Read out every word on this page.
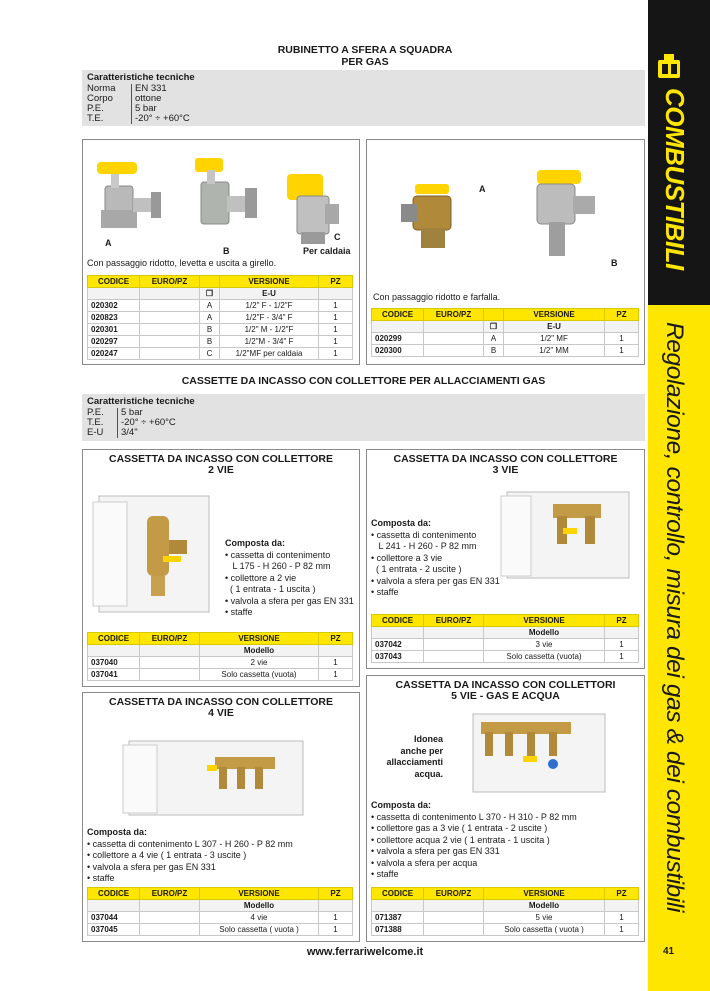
COMBUSTIBILI
Regolazione, controllo, misura dei gas & dei combustibili
41
RUBINETTO A SFERA A SQUADRA
PER GAS
Caratteristiche tecniche
Norma	EN 331
Corpo	ottone
P.E.	5 bar
T.E.	-20° ÷ +60°C
A
B
C
Per caldaia
Con passaggio ridotto, levetta e uscita a girello.
CODICE	EURO/PZ		VERSIONE	PZ
		❐	E-U	
020302		A	1/2" F - 1/2"F	1
020823		A	1/2"F - 3/4" F	1
020301		B	1/2" M - 1/2"F	1
020297		B	1/2"M - 3/4" F	1
020247		C	1/2"MF per caldaia	1
A
B
Con passaggio ridotto e farfalla.
CODICE	EURO/PZ		VERSIONE	PZ
		❐	E-U	
020299		A	1/2" MF	1
020300		B	1/2" MM	1
CASSETTE DA INCASSO CON COLLETTORE PER ALLACCIAMENTI GAS
Caratteristiche tecniche
P.E.	5 bar
T.E.	-20° ÷ +60°C
E-U	3/4"
CASSETTA DA INCASSO CON COLLETTORE
2 VIE
Composta da:
• cassetta di contenimento
L 175 - H 260 - P 82 mm
• collettore a 2 vie
( 1 entrata - 1 uscita )
• valvola a sfera per gas EN 331
• staffe
CODICE	EURO/PZ	VERSIONE	PZ
		Modello	
037040		2 vie	1
037041		Solo cassetta (vuota)	1
CASSETTA DA INCASSO CON COLLETTORE
3 VIE
Composta da:
• cassetta di contenimento
L 241 - H 260 - P 82 mm
• collettore a 3 vie
( 1 entrata - 2 uscite )
• valvola a sfera per gas EN 331
• staffe
CODICE	EURO/PZ	VERSIONE	PZ
		Modello	
037042		3 vie	1
037043		Solo cassetta (vuota)	1
CASSETTA DA INCASSO CON COLLETTORE
4 VIE
Composta da:
• cassetta di contenimento L 307 - H 260 - P 82 mm
• collettore a 4 vie ( 1 entrata - 3 uscite )
• valvola a sfera per gas EN 331
• staffe
CODICE	EURO/PZ	VERSIONE	PZ
		Modello	
037044		4 vie	1
037045		Solo cassetta ( vuota )	1
CASSETTA DA INCASSO CON COLLETTORI
5 VIE - GAS E ACQUA
Idonea
anche per
allacciamenti
acqua.
Composta da:
• cassetta di contenimento L 370 - H 310 - P 82 mm
• collettore gas a 3 vie ( 1 entrata - 2 uscite )
• collettore acqua 2 vie ( 1 entrata - 1 uscita )
• valvola a sfera per gas EN 331
• valvola a sfera per acqua
• staffe
CODICE	EURO/PZ	VERSIONE	PZ
		Modello	
071387		5 vie	1
071388		Solo cassetta ( vuota )	1
www.ferrariwelcome.it
